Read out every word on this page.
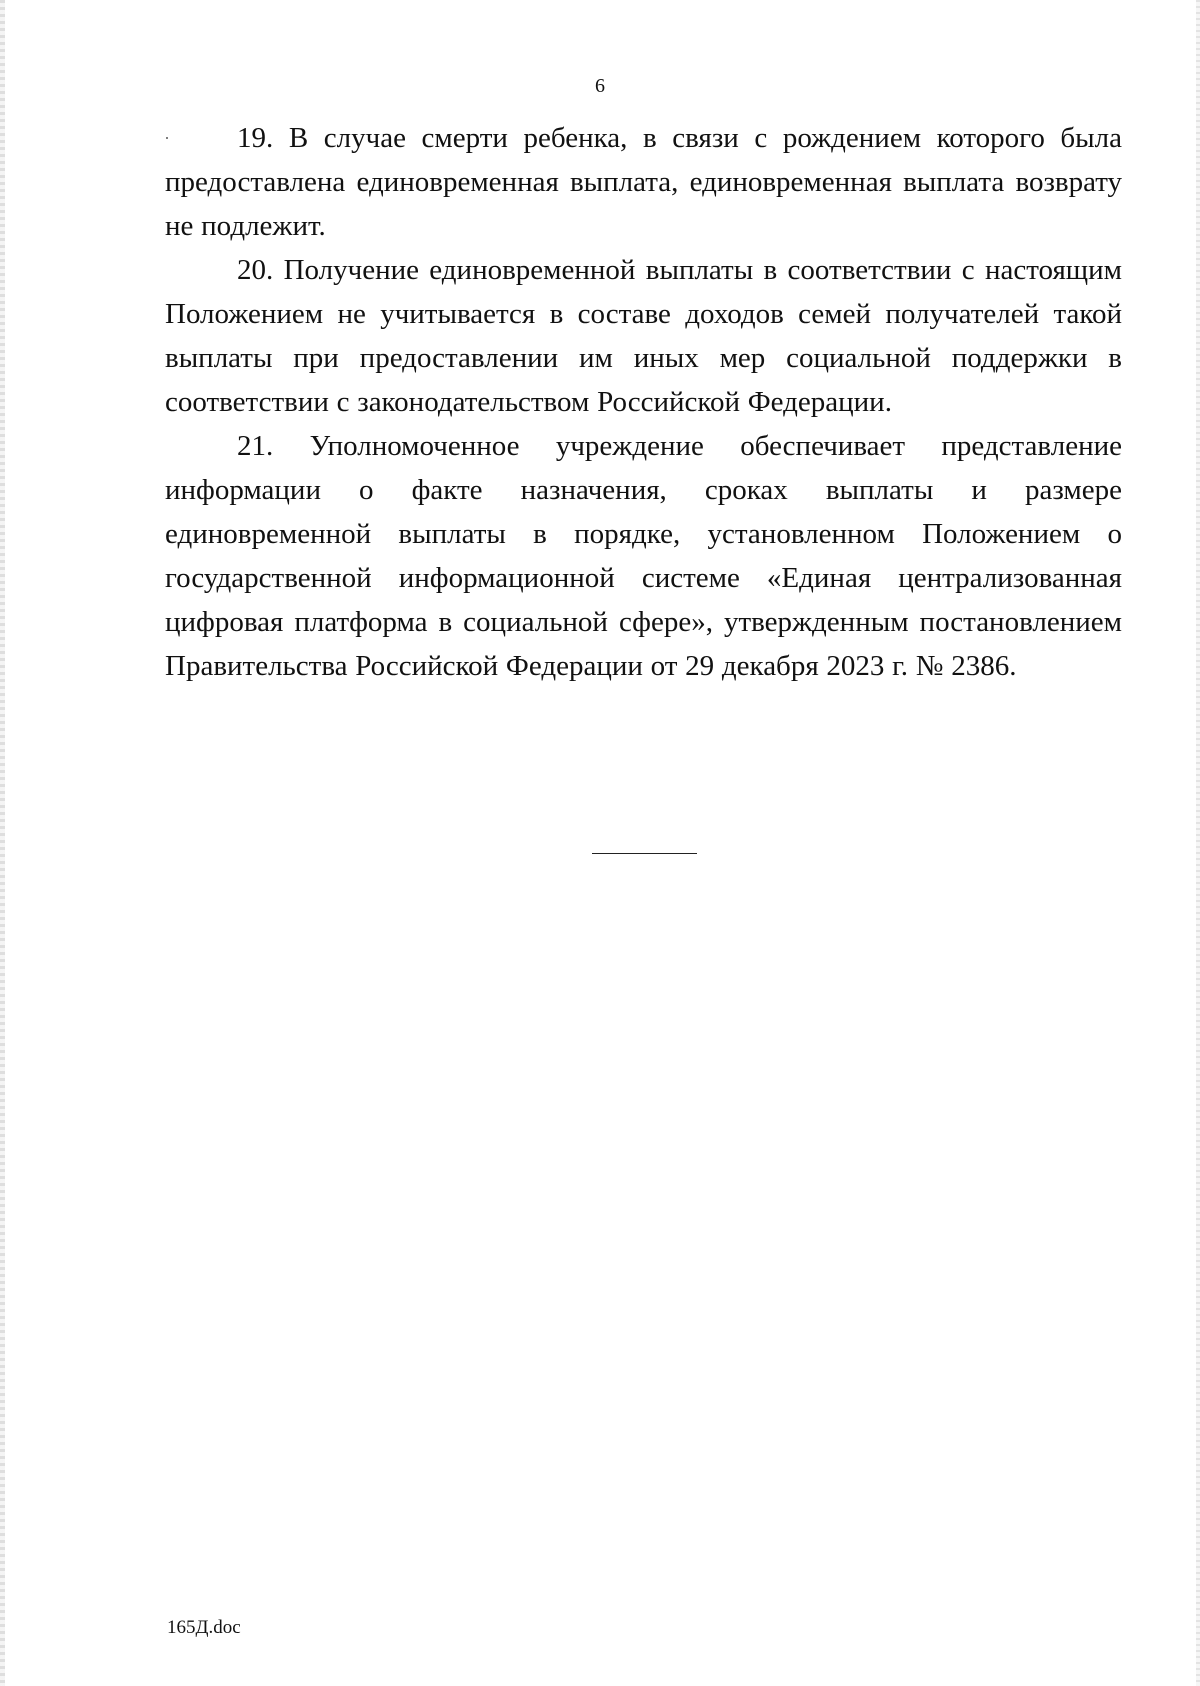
6

19. В случае смерти ребенка, в связи с рождением которого была предоставлена единовременная выплата, единовременная выплата возврату не подлежит.

20. Получение единовременной выплаты в соответствии с настоящим Положением не учитывается в составе доходов семей получателей такой выплаты при предоставлении им иных мер социальной поддержки в соответствии с законодательством Российской Федерации.

21. Уполномоченное учреждение обеспечивает представление информации о факте назначения, сроках выплаты и размере единовременной выплаты в порядке, установленном Положением о государственной информационной системе «Единая централизованная цифровая платформа в социальной сфере», утвержденным постановлением Правительства Российской Федерации от 29 декабря 2023 г. № 2386.

165Д.doc
